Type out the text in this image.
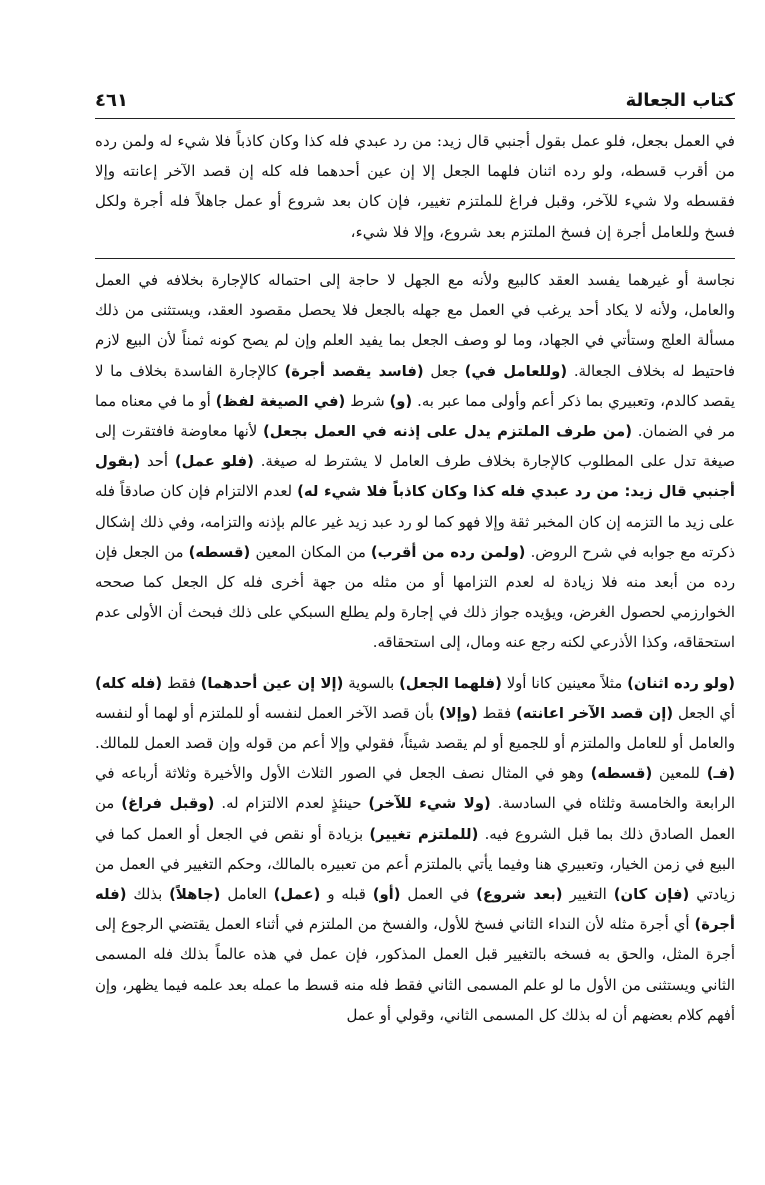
كتاب الجعالة
٤٦١

في العمل بجعل، فلو عمل بقول أجنبي قال زيد: من رد عبدي فله كذا وكان كاذباً فلا شيء له ولمن رده من أقرب قسطه، ولو رده اثنان فلهما الجعل إلا إن عين أحدهما فله كله إن قصد الآخر إعانته وإلا فقسطه ولا شيء للآخر، وقبل فراغ للملتزم تغيير، فإن كان بعد شروع أو عمل جاهلاً فله أجرة ولكل فسخ وللعامل أجرة إن فسخ الملتزم بعد شروع، وإلا فلا شيء،

نجاسة أو غيرهما يفسد العقد كالبيع ولأنه مع الجهل لا حاجة إلى احتماله كالإجارة بخلافه في العمل والعامل، ولأنه لا يكاد أحد يرغب في العمل مع جهله بالجعل فلا يحصل مقصود العقد، ويستثنى من ذلك مسألة العلج وستأتي في الجهاد، وما لو وصف الجعل بما يفيد العلم وإن لم يصح كونه ثمناً لأن البيع لازم فاحتيط له بخلاف الجعالة. (وللعامل في) جعل (فاسد يقصد أجرة) كالإجارة الفاسدة بخلاف ما لا يقصد كالدم، وتعبيري بما ذكر أعم وأولى مما عبر به. (و) شرط (في الصيغة لفظ) أو ما في معناه مما مر في الضمان. (من طرف الملتزم يدل على إذنه في العمل بجعل) لأنها معاوضة فافتقرت إلى صيغة تدل على المطلوب كالإجارة بخلاف طرف العامل لا يشترط له صيغة. (فلو عمل) أحد (بقول أجنبي قال زيد: من رد عبدي فله كذا وكان كاذباً فلا شيء له) لعدم الالتزام فإن كان صادقاً فله على زيد ما التزمه إن كان المخبر ثقة وإلا فهو كما لو رد عبد زيد غير عالم بإذنه والتزامه، وفي ذلك إشكال ذكرته مع جوابه في شرح الروض. (ولمن رده من أقرب) من المكان المعين (قسطه) من الجعل فإن رده من أبعد منه فلا زيادة له لعدم التزامها أو من مثله من جهة أخرى فله كل الجعل كما صححه الخوارزمي لحصول الغرض، ويؤيده جواز ذلك في إجارة ولم يطلع السبكي على ذلك فبحث أن الأولى عدم استحقاقه، وكذا الأذرعي لكنه رجع عنه ومال، إلى استحقاقه.

(ولو رده اثنان) مثلاً معينين كانا أولا (فلهما الجعل) بالسوية (إلا إن عين أحدهما) فقط (فله كله) أي الجعل (إن قصد الآخر اعانته) فقط (وإلا) بأن قصد الآخر العمل لنفسه أو للملتزم أو لهما أو لنفسه والعامل أو للعامل والملتزم أو للجميع أو لم يقصد شيئاً، فقولي وإلا أعم من قوله وإن قصد العمل للمالك. (فـ) للمعين (قسطه) وهو في المثال نصف الجعل في الصور الثلاث الأول والأخيرة وثلاثة أرباعه في الرابعة والخامسة وثلثاه في السادسة. (ولا شيء للآخر) حينئذٍ لعدم الالتزام له. (وقبل فراغ) من العمل الصادق ذلك بما قبل الشروع فيه. (للملتزم تغيير) بزيادة أو نقص في الجعل أو العمل كما في البيع في زمن الخيار، وتعبيري هنا وفيما يأتي بالملتزم أعم من تعبيره بالمالك، وحكم التغيير في العمل من زيادتي (فإن كان) التغيير (بعد شروع) في العمل (أو) قبله و (عمل) العامل (جاهلاً) بذلك (فله أجرة) أي أجرة مثله لأن النداء الثاني فسخ للأول، والفسخ من الملتزم في أثناء العمل يقتضي الرجوع إلى أجرة المثل، والحق به فسخه بالتغيير قبل العمل المذكور، فإن عمل في هذه عالماً بذلك فله المسمى الثاني ويستثنى من الأول ما لو علم المسمى الثاني فقط فله منه قسط ما عمله بعد علمه فيما يظهر، وإن أفهم كلام بعضهم أن له بذلك كل المسمى الثاني، وقولي أو عمل
